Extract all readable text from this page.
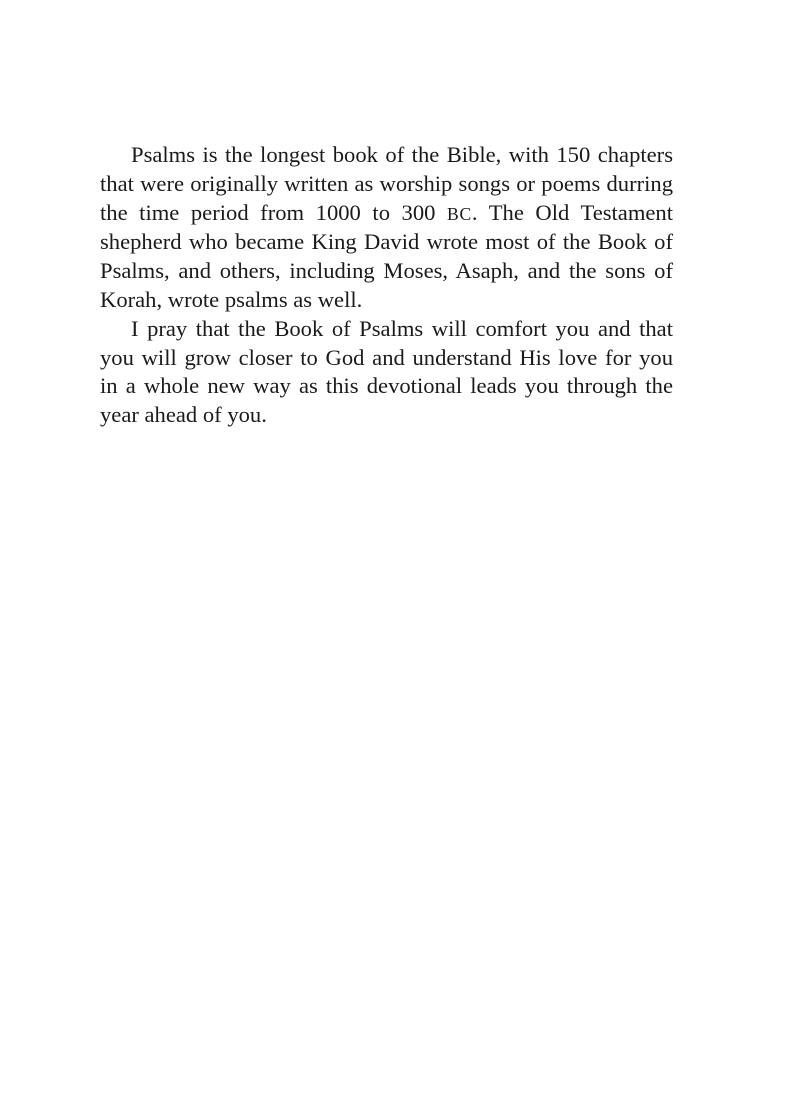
Psalms is the longest book of the Bible, with 150 chapters that were originally written as worship songs or poems durring the time period from 1000 to 300 BC. The Old Testament shepherd who became King David wrote most of the Book of Psalms, and others, including Moses, Asaph, and the sons of Korah, wrote psalms as well.

I pray that the Book of Psalms will comfort you and that you will grow closer to God and understand His love for you in a whole new way as this devotional leads you through the year ahead of you.
